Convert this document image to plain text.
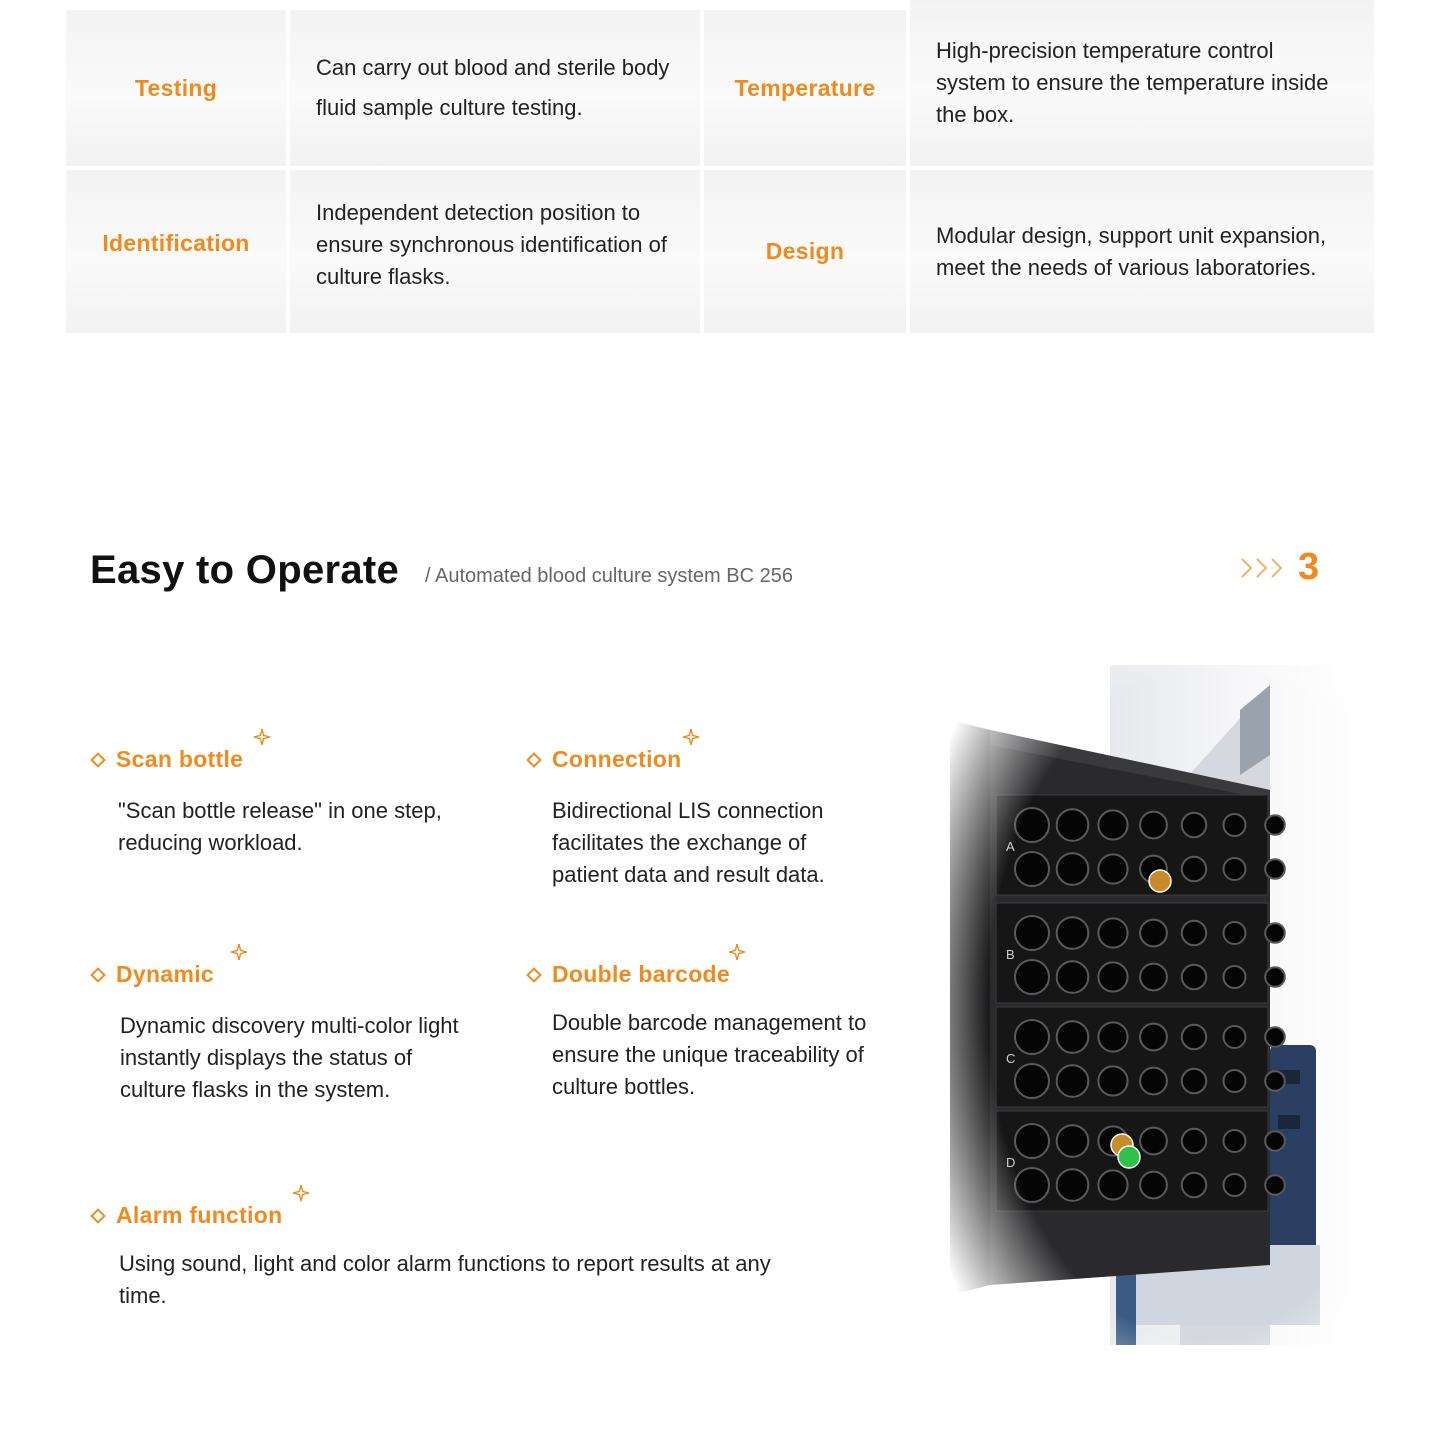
Testing
Can carry out blood and sterile body fluid sample culture testing.
Temperature
High-precision temperature control system to ensure the temperature inside the box.
Identification
Independent detection position to ensure synchronous identification of culture flasks.
Design
Modular design, support unit expansion, meet the needs of various laboratories.
Easy to Operate / Automated blood culture system BC 256	3
Scan bottle

"Scan bottle release" in one step, reducing workload.

Connection

Bidirectional LIS connection facilitates the exchange of patient data and result data.

Dynamic

Dynamic discovery multi-color light instantly displays the status of culture flasks in the system.

Double barcode

Double barcode management to ensure the unique traceability of culture bottles.

Alarm function

Using sound, light and color alarm functions to report results at any time.
